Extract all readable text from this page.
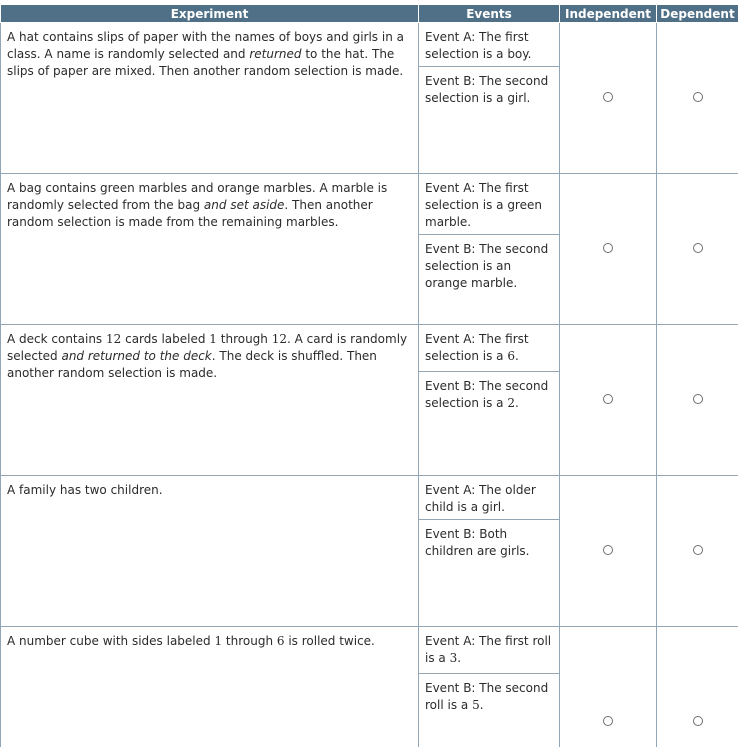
Experiment	Events	Independent	Dependent

A hat contains slips of paper with the names of boys and girls in a class. A name is randomly selected and returned to the hat. The slips of paper are mixed. Then another random selection is made.	Event A: The first selection is a boy.
Event B: The second selection is a girl.		

A bag contains green marbles and orange marbles. A marble is randomly selected from the bag and set aside. Then another random selection is made from the remaining marbles.	Event A: The first selection is a green marble.
Event B: The second selection is an orange marble.		

A deck contains 12 cards labeled 1 through 12. A card is randomly selected and returned to the deck. The deck is shuffled. Then another random selection is made.	Event A: The first selection is a 6.
Event B: The second selection is a 2.		

A family has two children.	Event A: The older child is a girl.
Event B: Both children are girls.		

A number cube with sides labeled 1 through 6 is rolled twice.	Event A: The first roll is a 3.
Event B: The second roll is a 5.		
